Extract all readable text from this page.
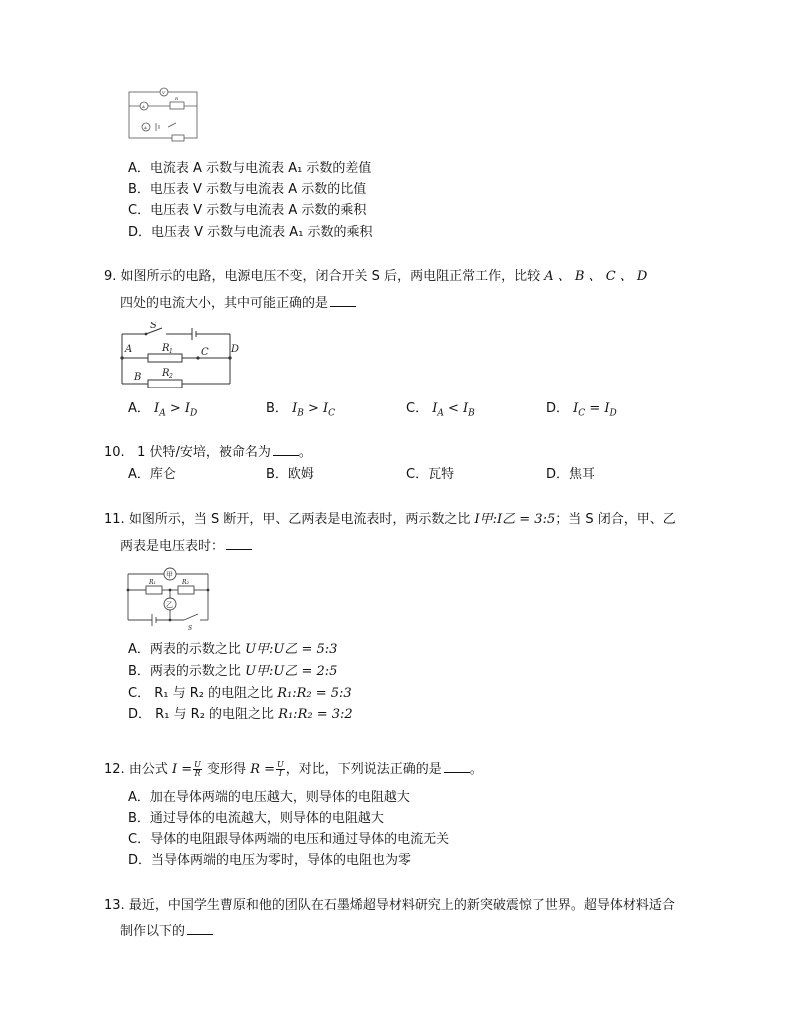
V
A
A
R
A．电流表 A 示数与电流表 A₁ 示数的差值
B．电压表 V 示数与电流表 A 示数的比值
C．电压表 V 示数与电流表 A 示数的乘积
D．电压表 V 示数与电流表 A₁ 示数的乘积
9. 如图所示的电路，电源电压不变，闭合开关 S 后，两电阻正常工作，比较 A 、 B 、 C 、 D
四处的电流大小，其中可能正确的是
S
A	C D
B
R 1
R 2
A． $I_A > I_D$	B． $I_B > I_C$	C． $I_A < I_B$	D． $I_C = I_D$
10. 1 伏特/安培，被命名为 。
A．库仑	B．欧姆	C．瓦特	D．焦耳
11. 如图所示，当 S 断开，甲、乙两表是电流表时，两示数之比 I甲:I乙 = 3:5；当 S 闭合，甲、乙
两表是电压表时：
甲
乙
R₁	R₂
S
A．两表的示数之比 U甲:U乙 = 5:3
B．两表的示数之比 U甲:U乙 = 2:5
C． R₁ 与 R₂ 的电阻之比 R₁:R₂ = 5:3
D． R₁ 与 R₂ 的电阻之比 R₁:R₂ = 3:2
12. 由公式 $I = \frac{U}{R}$ 变形得 $R = \frac{U}{I}$ ，对比，下列说法正确的是 。
A．加在导体两端的电压越大，则导体的电阻越大
B．通过导体的电流越大，则导体的电阻越大
C．导体的电阻跟导体两端的电压和通过导体的电流无关
D．当导体两端的电压为零时，导体的电阻也为零
13. 最近，中国学生曹原和他的团队在石墨烯超导材料研究上的新突破震惊了世界。超导体材料适合
制作以下的
